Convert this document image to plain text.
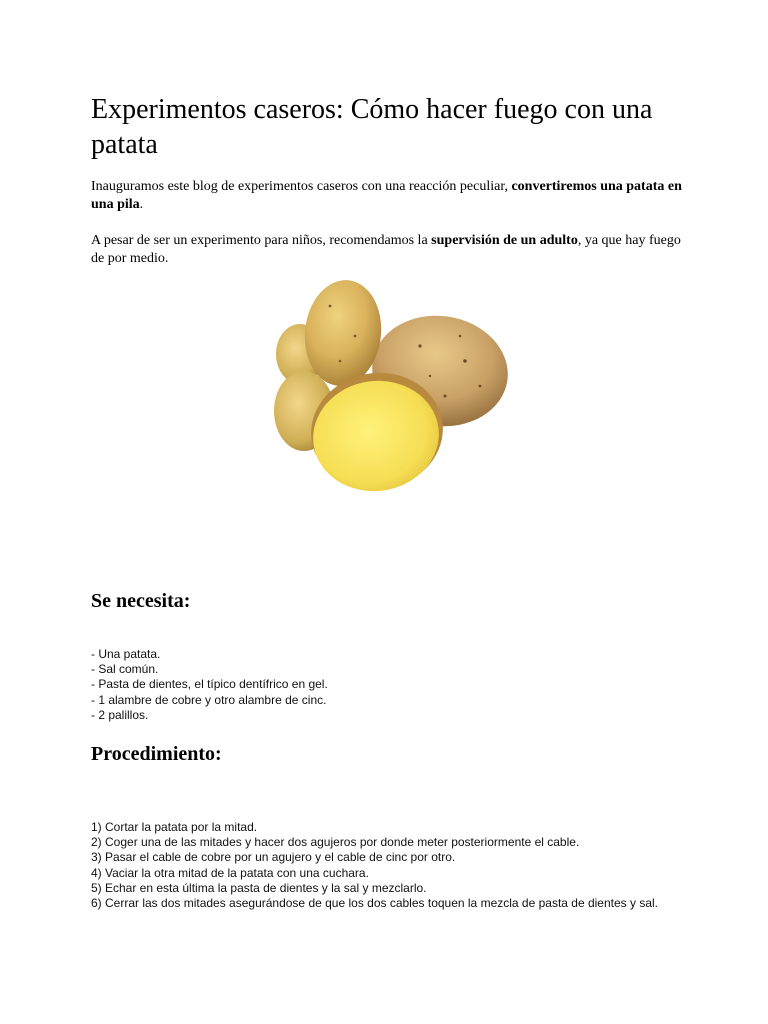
Experimentos caseros: Cómo hacer fuego con una patata

Inauguramos este blog de experimentos caseros con una reacción peculiar, convertiremos una patata en una pila.

A pesar de ser un experimento para niños, recomendamos la supervisión de un adulto, ya que hay fuego de por medio.

Se necesita:
- Una patata.
- Sal común.
- Pasta de dientes, el típico dentífrico en gel.
- 1 alambre de cobre y otro alambre de cinc.
- 2 palillos.
Procedimiento:
1) Cortar la patata por la mitad.
2) Coger una de las mitades y hacer dos agujeros por donde meter posteriormente el cable.
3) Pasar el cable de cobre por un agujero y el cable de cinc por otro.
4) Vaciar la otra mitad de la patata con una cuchara.
5) Echar en esta última la pasta de dientes y la sal y mezclarlo.
6) Cerrar las dos mitades asegurándose de que los dos cables toquen la mezcla de pasta de dientes y sal.
